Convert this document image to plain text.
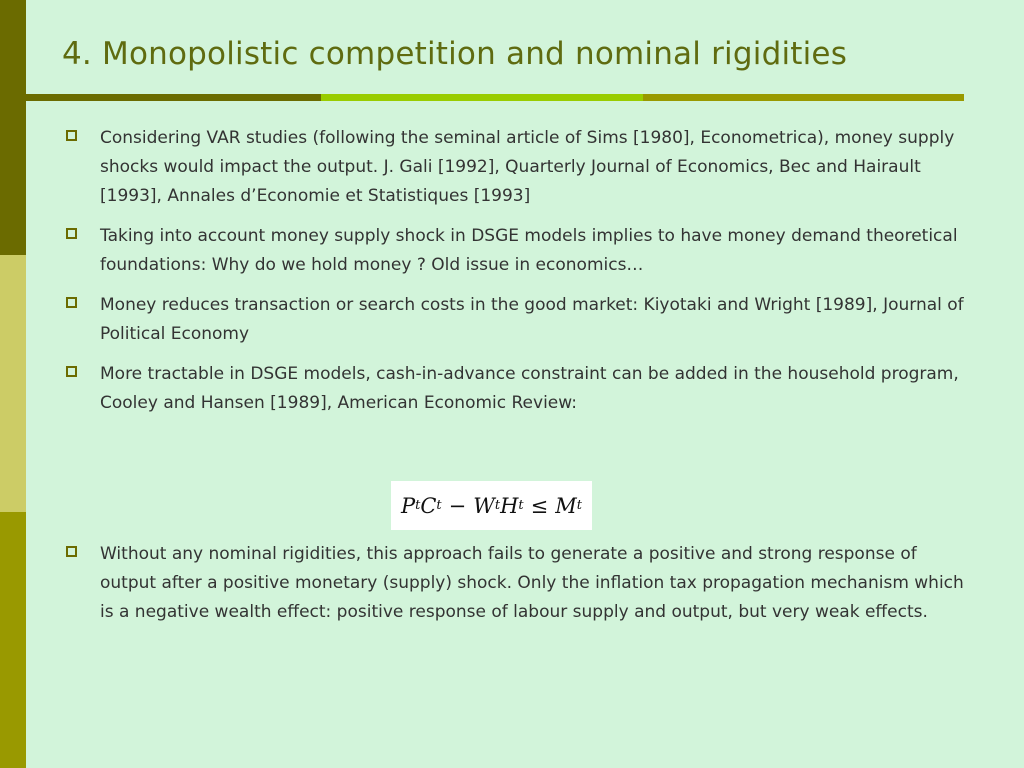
4. Monopolistic competition and nominal rigidities
Considering VAR studies (following the seminal article of Sims [1980], Econometrica), money supply shocks would impact the output. J. Gali [1992], Quarterly Journal of Economics, Bec and Hairault [1993], Annales d’Economie et Statistiques [1993]
Taking into account money supply shock in DSGE models implies to have money demand theoretical foundations: Why do we hold money ? Old issue in economics…
Money reduces transaction or search costs in the good market: Kiyotaki and Wright [1989], Journal of Political Economy
More tractable in DSGE models, cash-in-advance constraint can be added in the household program, Cooley and Hansen [1989], American Economic Review:
P t C t − W t H t ≤ M t
Without any nominal rigidities, this approach fails to generate a positive and strong response of output after a positive monetary (supply) shock. Only the inflation tax propagation mechanism which is a negative wealth effect: positive response of labour supply and output, but very weak effects.
